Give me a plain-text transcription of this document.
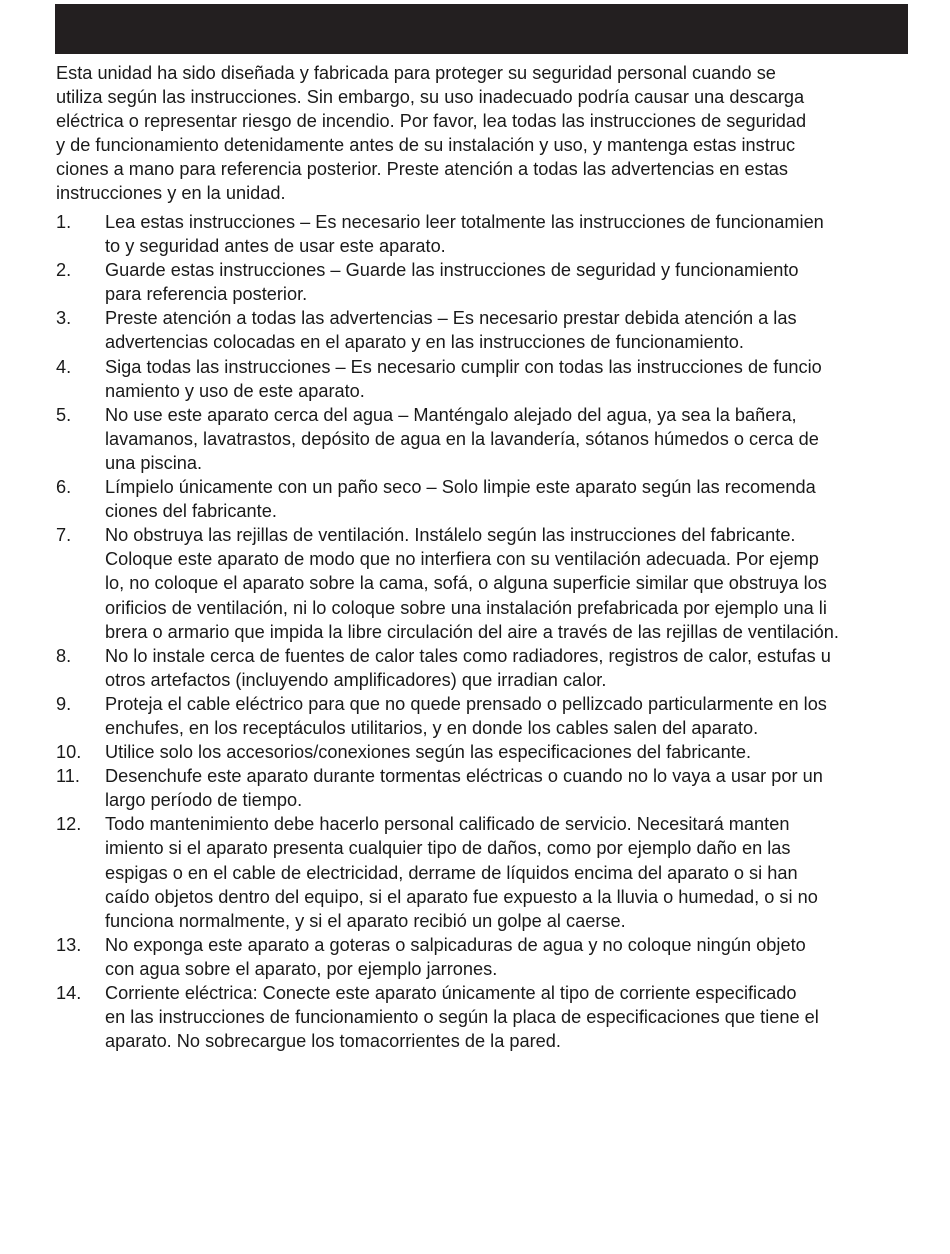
Esta unidad ha sido diseñada y fabricada para proteger su seguridad personal cuando se
utiliza según las instrucciones. Sin embargo, su uso inadecuado podría causar una descarga
eléctrica o representar riesgo de incendio. Por favor, lea todas las instrucciones de seguridad
y de funcionamiento detenidamente antes de su instalación y uso, y mantenga estas instruc
ciones a mano para referencia posterior. Preste atención a todas las advertencias en estas
instrucciones y en la unidad.

1. Lea estas instrucciones – Es necesario leer totalmente las instrucciones de funcionamien
to y seguridad antes de usar este aparato.
2. Guarde estas instrucciones – Guarde las instrucciones de seguridad y funcionamiento
para referencia posterior.
3. Preste atención a todas las advertencias – Es necesario prestar debida atención a las
advertencias colocadas en el aparato y en las instrucciones de funcionamiento.
4. Siga todas las instrucciones – Es necesario cumplir con todas las instrucciones de funcio
namiento y uso de este aparato.
5. No use este aparato cerca del agua – Manténgalo alejado del agua, ya sea la bañera,
lavamanos, lavatrastos, depósito de agua en la lavandería, sótanos húmedos o cerca de
una piscina.
6. Límpielo únicamente con un paño seco – Solo limpie este aparato según las recomenda
ciones del fabricante.
7. No obstruya las rejillas de ventilación. Instálelo según las instrucciones del fabricante.
Coloque este aparato de modo que no interfiera con su ventilación adecuada. Por ejemp
lo, no coloque el aparato sobre la cama, sofá, o alguna superficie similar que obstruya los
orificios de ventilación, ni lo coloque sobre una instalación prefabricada por ejemplo una li
brera o armario que impida la libre circulación del aire a través de las rejillas de ventilación.
8. No lo instale cerca de fuentes de calor tales como radiadores, registros de calor, estufas u
otros artefactos (incluyendo amplificadores) que irradian calor.
9. Proteja el cable eléctrico para que no quede prensado o pellizcado particularmente en los
enchufes, en los receptáculos utilitarios, y en donde los cables salen del aparato.
10. Utilice solo los accesorios/conexiones según las especificaciones del fabricante.
11. Desenchufe este aparato durante tormentas eléctricas o cuando no lo vaya a usar por un
largo período de tiempo.
12. Todo mantenimiento debe hacerlo personal calificado de servicio. Necesitará manten
imiento si el aparato presenta cualquier tipo de daños, como por ejemplo daño en las
espigas o en el cable de electricidad, derrame de líquidos encima del aparato o si han
caído objetos dentro del equipo, si el aparato fue expuesto a la lluvia o humedad, o si no
funciona normalmente, y si el aparato recibió un golpe al caerse.
13. No exponga este aparato a goteras o salpicaduras de agua y no coloque ningún objeto
con agua sobre el aparato, por ejemplo jarrones.
14. Corriente eléctrica: Conecte este aparato únicamente al tipo de corriente especificado
en las instrucciones de funcionamiento o según la placa de especificaciones que tiene el
aparato. No sobrecargue los tomacorrientes de la pared.
